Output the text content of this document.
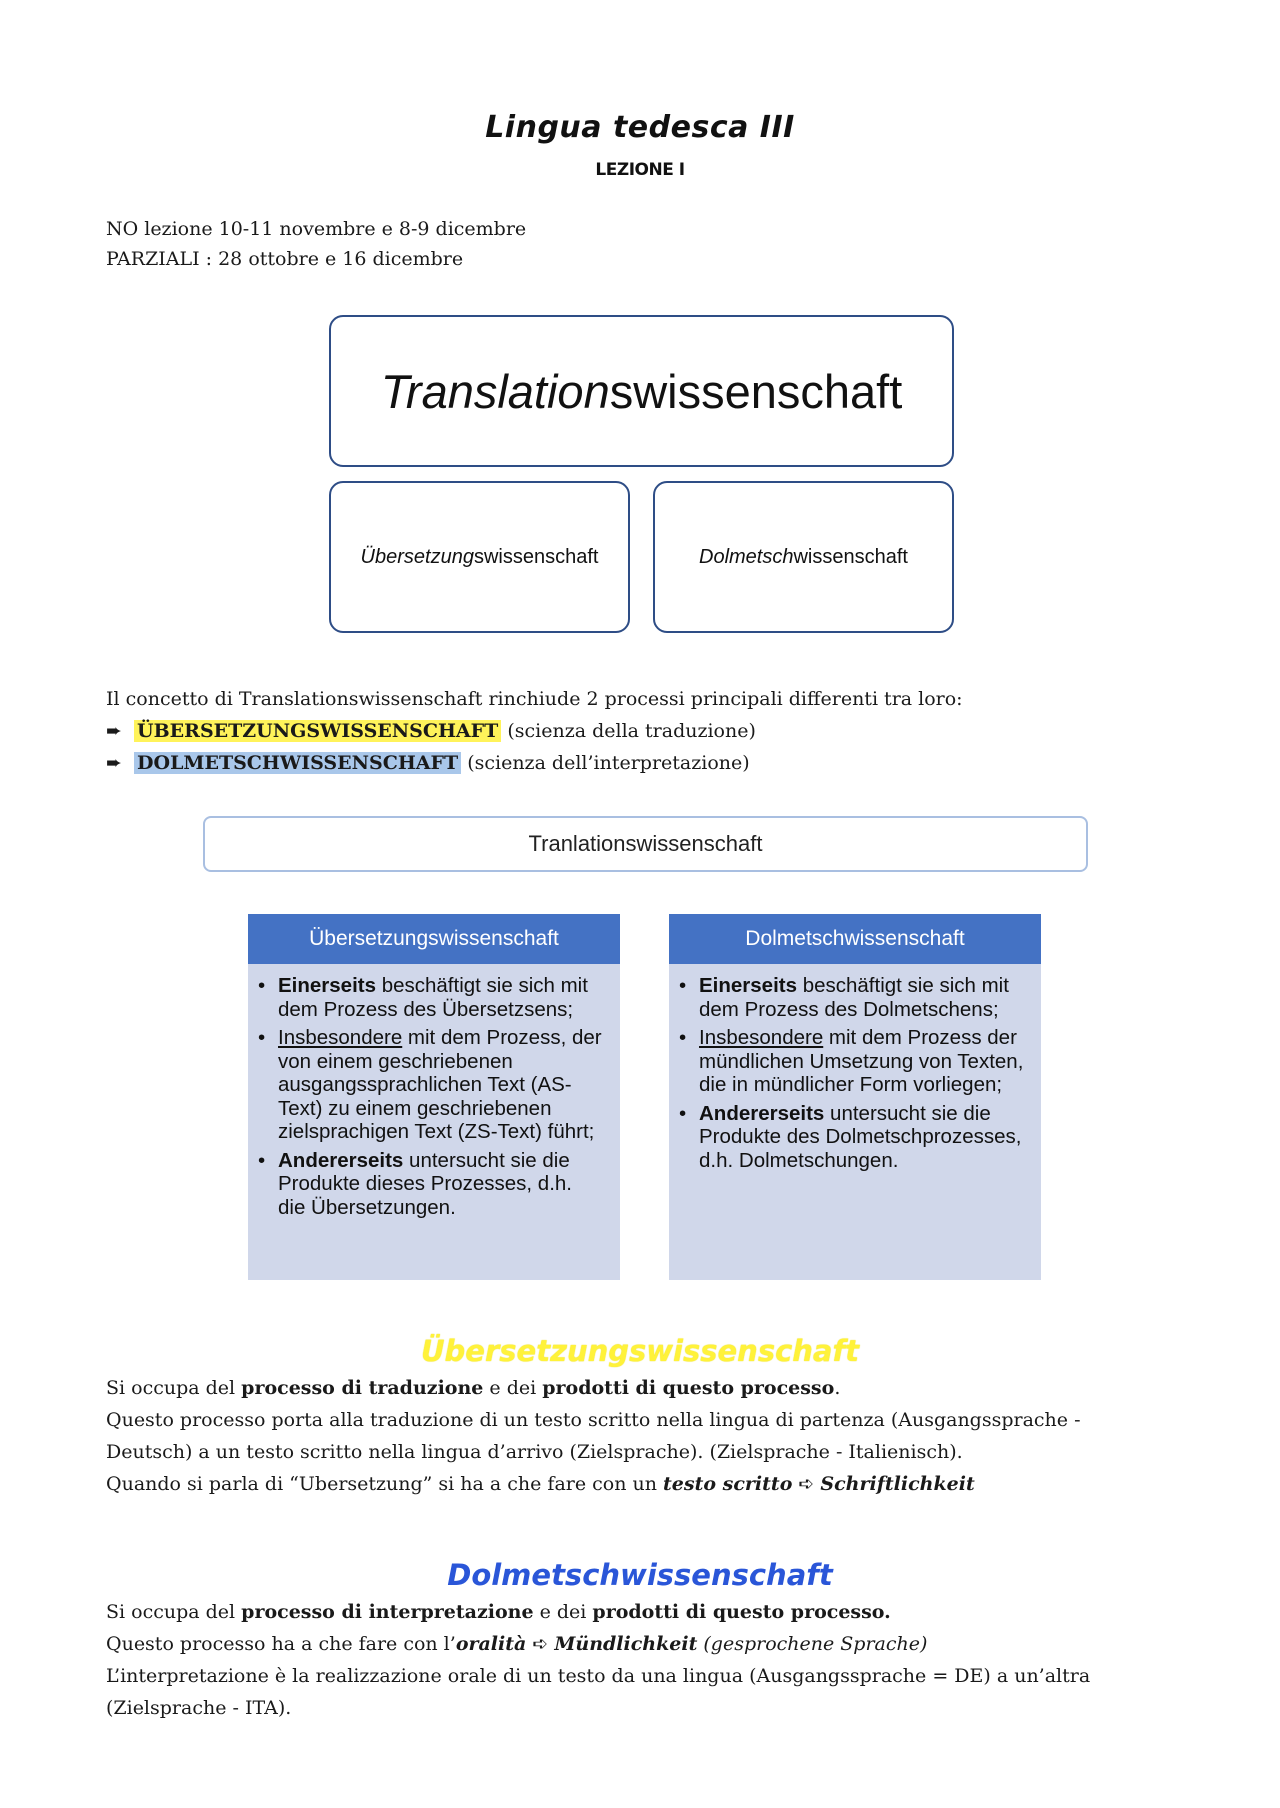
Lingua tedesca III
LEZIONE I
NO lezione 10-11 novembre e 8-9 dicembre
PARZIALI : 28 ottobre e 16 dicembre
Translation swissenschaft
Übersetzung swissenschaft	Dolmetsch wissenschaft
Il concetto di Translationswissenschaft rinchiude 2 processi principali differenti tra loro:
➨ ÜBERSETZUNGSWISSENSCHAFT (scienza della traduzione)
➨ DOLMETSCHWISSENSCHAFT (scienza dell’interpretazione)
Tranlationswissenschaft
Übersetzungswissenschaft
• Einerseits beschäftigt sie sich mit dem Prozess des Übersetzsens;
• Insbesondere mit dem Prozess, der von einem geschriebenen ausgangssprachlichen Text (AS-Text) zu einem geschriebenen zielsprachigen Text (ZS-Text) führt;
• Andererseits untersucht sie die Produkte dieses Prozesses, d.h. die Übersetzungen.
Dolmetschwissenschaft
• Einerseits beschäftigt sie sich mit dem Prozess des Dolmetschens;
• Insbesondere mit dem Prozess der mündlichen Umsetzung von Texten, die in mündlicher Form vorliegen;
• Andererseits untersucht sie die Produkte des Dolmetschprozesses, d.h. Dolmetschungen.
Übersetzungswissenschaft
Si occupa del processo di traduzione e dei prodotti di questo processo.
Questo processo porta alla traduzione di un testo scritto nella lingua di partenza (Ausgangssprache -
Deutsch) a un testo scritto nella lingua d’arrivo (Zielsprache). (Zielsprache - Italienisch).
Quando si parla di “Ubersetzung” si ha a che fare con un testo scritto ➪ Schriftlichkeit
Dolmetschwissenschaft
Si occupa del processo di interpretazione e dei prodotti di questo processo.
Questo processo ha a che fare con l’oralità ➪ Mündlichkeit (gesprochene Sprache)
L’interpretazione è la realizzazione orale di un testo da una lingua (Ausgangssprache = DE) a un’altra
(Zielsprache - ITA).
